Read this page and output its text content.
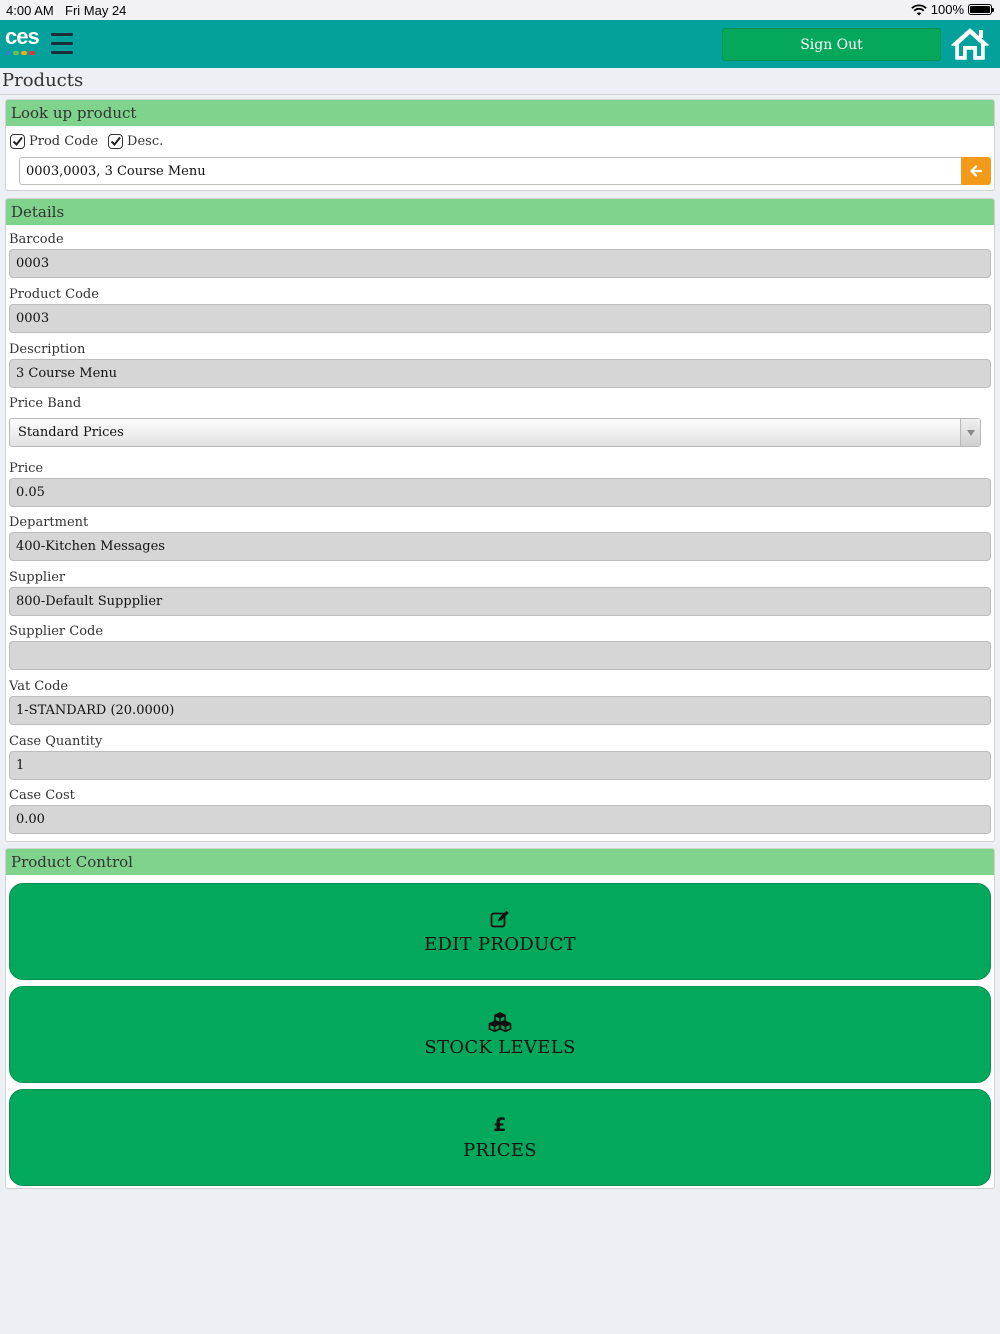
4:00 AM Fri May 24	100%
ces	Sign Out
Products
Look up product
Prod Code Desc.
0003,0003, 3 Course Menu
Details
Barcode
0003
Product Code
0003
Description
3 Course Menu
Price Band
Standard Prices
Price
0.05
Department
400-Kitchen Messages
Supplier
800-Default Suppplier
Supplier Code
Vat Code
1-STANDARD (20.0000)
Case Quantity
1
Case Cost
0.00
Product Control
EDIT PRODUCT
STOCK LEVELS
£
PRICES
